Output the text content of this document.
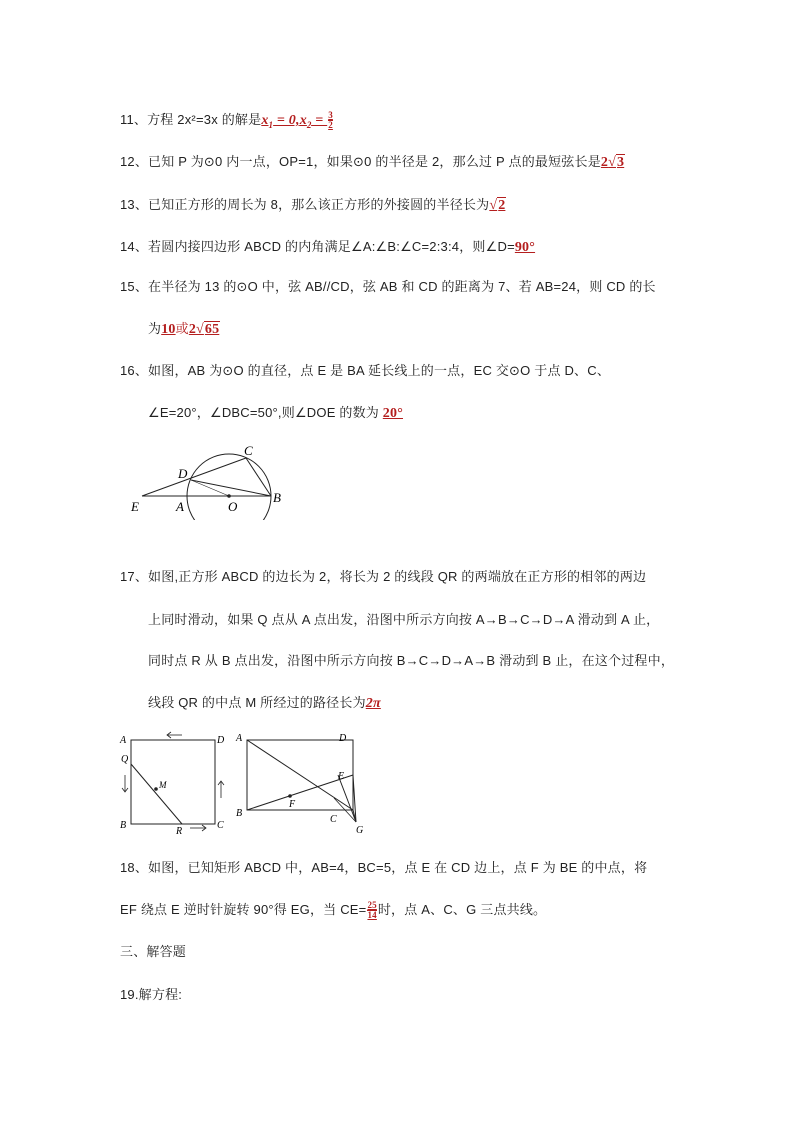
11、方程 2x²=3x 的解是$x_1 = 0,x_2 = \frac{3}{2}$
12、已知 P 为⊙0 内一点，OP=1，如果⊙0 的半径是 2，那么过 P 点的最短弦长是2√3
13、已知正方形的周长为 8，那么该正方形的外接圆的半径长为√2
14、若圆内接四边形 ABCD 的内角满足∠A:∠B:∠C=2:3:4，则∠D=90°
15、在半径为 13 的⊙O 中，弦 AB//CD，弦 AB 和 CD 的距离为 7、若 AB=24，则 CD 的长
为10或2√65
16、如图，AB 为⊙O 的直径，点 E 是 BA 延长线上的一点，EC 交⊙O 于点 D、C、
∠E=20°，∠DBC=50°,则∠DOE 的数为 20°
C
D
E	A	O
B
17、如图,正方形 ABCD 的边长为 2，将长为 2 的线段 QR 的两端放在正方形的相邻的两边
上同时滑动，如果 Q 点从 A 点出发，沿图中所示方向按 A→B→C→D→A 滑动到 A 止，
同时点 R 从 B 点出发，沿图中所示方向按 B→C→D→A→B 滑动到 B 止，在这个过程中，
线段 QR 的中点 M 所经过的路径长为2π
A	D
Q
M
B
R
C
A	D
E
F
B
C
G
18、如图，已知矩形 ABCD 中，AB=4，BC=5，点 E 在 CD 边上，点 F 为 BE 的中点，将
EF 绕点 E 逆时针旋转 90°得 EG，当 $CE= \frac{25}{14}$ 时，点 A、C、G 三点共线。
三、解答题
19.解方程:
